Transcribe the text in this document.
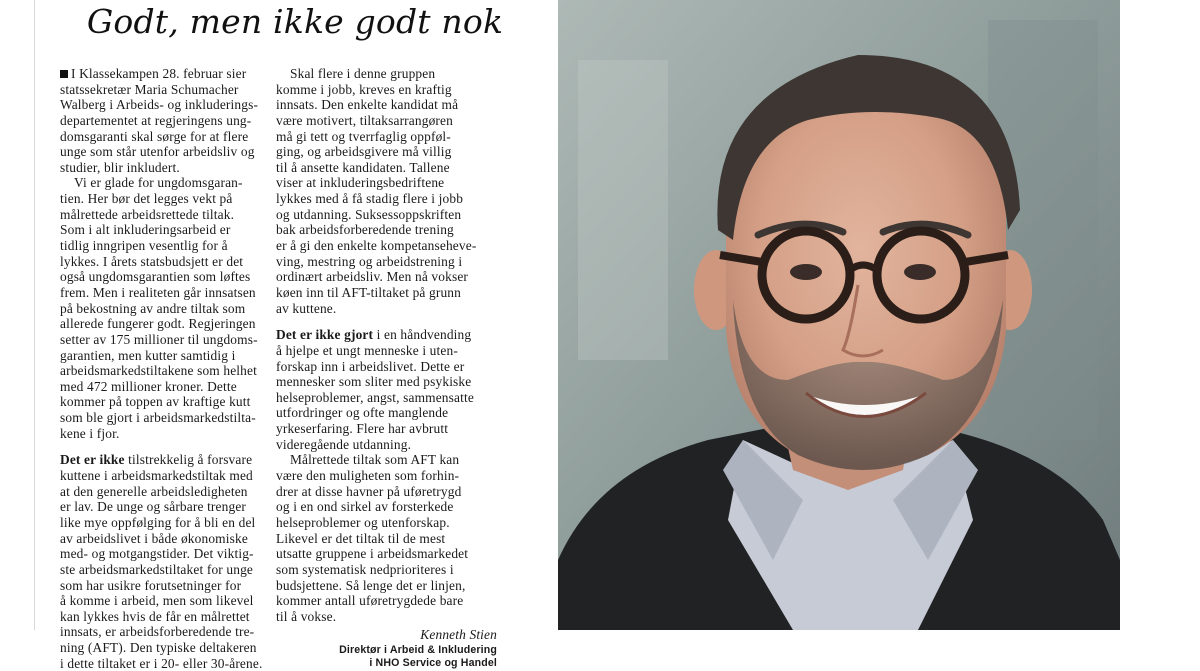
Godt, men ikke godt nok
I Klassekampen 28. februar sier
statssekretær Maria Schumacher
Walberg i Arbeids- og inkluderings-
departementet at regjeringens ung-
domsgaranti skal sørge for at flere
unge som står utenfor arbeidsliv og
studier, blir inkludert.
Vi er glade for ungdomsgaran-
tien. Her bør det legges vekt på
målrettede arbeidsrettede tiltak.
Som i alt inkluderingsarbeid er
tidlig inngripen vesentlig for å
lykkes. I årets statsbudsjett er det
også ungdomsgarantien som løftes
frem. Men i realiteten går innsatsen
på bekostning av andre tiltak som
allerede fungerer godt. Regjeringen
setter av 175 millioner til ungdoms-
garantien, men kutter samtidig i
arbeidsmarkedstiltakene som helhet
med 472 millioner kroner. Dette
kommer på toppen av kraftige kutt
som ble gjort i arbeidsmarkedstilta-
kene i fjor.
Det er ikke tilstrekkelig å forsvare
kuttene i arbeidsmarkedstiltak med
at den generelle arbeidsledigheten
er lav. De unge og sårbare trenger
like mye oppfølging for å bli en del
av arbeidslivet i både økonomiske
med- og motgangstider. Det viktig-
ste arbeidsmarkedstiltaket for unge
som har usikre forutsetninger for
å komme i arbeid, men som likevel
kan lykkes hvis de får en målrettet
innsats, er arbeidsforberedende tre-
ning (AFT). Den typiske deltakeren
i dette tiltaket er i 20- eller 30-årene.
Skal flere i denne gruppen
komme i jobb, kreves en kraftig
innsats. Den enkelte kandidat må
være motivert, tiltaksarrangøren
må gi tett og tverrfaglig oppføl-
ging, og arbeidsgivere må villig
til å ansette kandidaten. Tallene
viser at inkluderingsbedriftene
lykkes med å få stadig flere i jobb
og utdanning. Suksessoppskriften
bak arbeidsforberedende trening
er å gi den enkelte kompetanseheve-
ving, mestring og arbeidstrening i
ordinært arbeidsliv. Men nå vokser
køen inn til AFT-tiltaket på grunn
av kuttene.
Det er ikke gjort i en håndvending
å hjelpe et ungt menneske i uten-
forskap inn i arbeidslivet. Dette er
mennesker som sliter med psykiske
helseproblemer, angst, sammensatte
utfordringer og ofte manglende
yrkeserfaring. Flere har avbrutt
videregående utdanning.
Målrettede tiltak som AFT kan
være den muligheten som forhin-
drer at disse havner på uføretrygd
og i en ond sirkel av forsterkede
helseproblemer og utenforskap.
Likevel er det tiltak til de mest
utsatte gruppene i arbeidsmarkedet
som systematisk nedprioriteres i
budsjettene. Så lenge det er linjen,
kommer antall uføretrygdede bare
til å vokse.
Kenneth Stien
Direktør i Arbeid & Inkludering
i NHO Service og Handel
